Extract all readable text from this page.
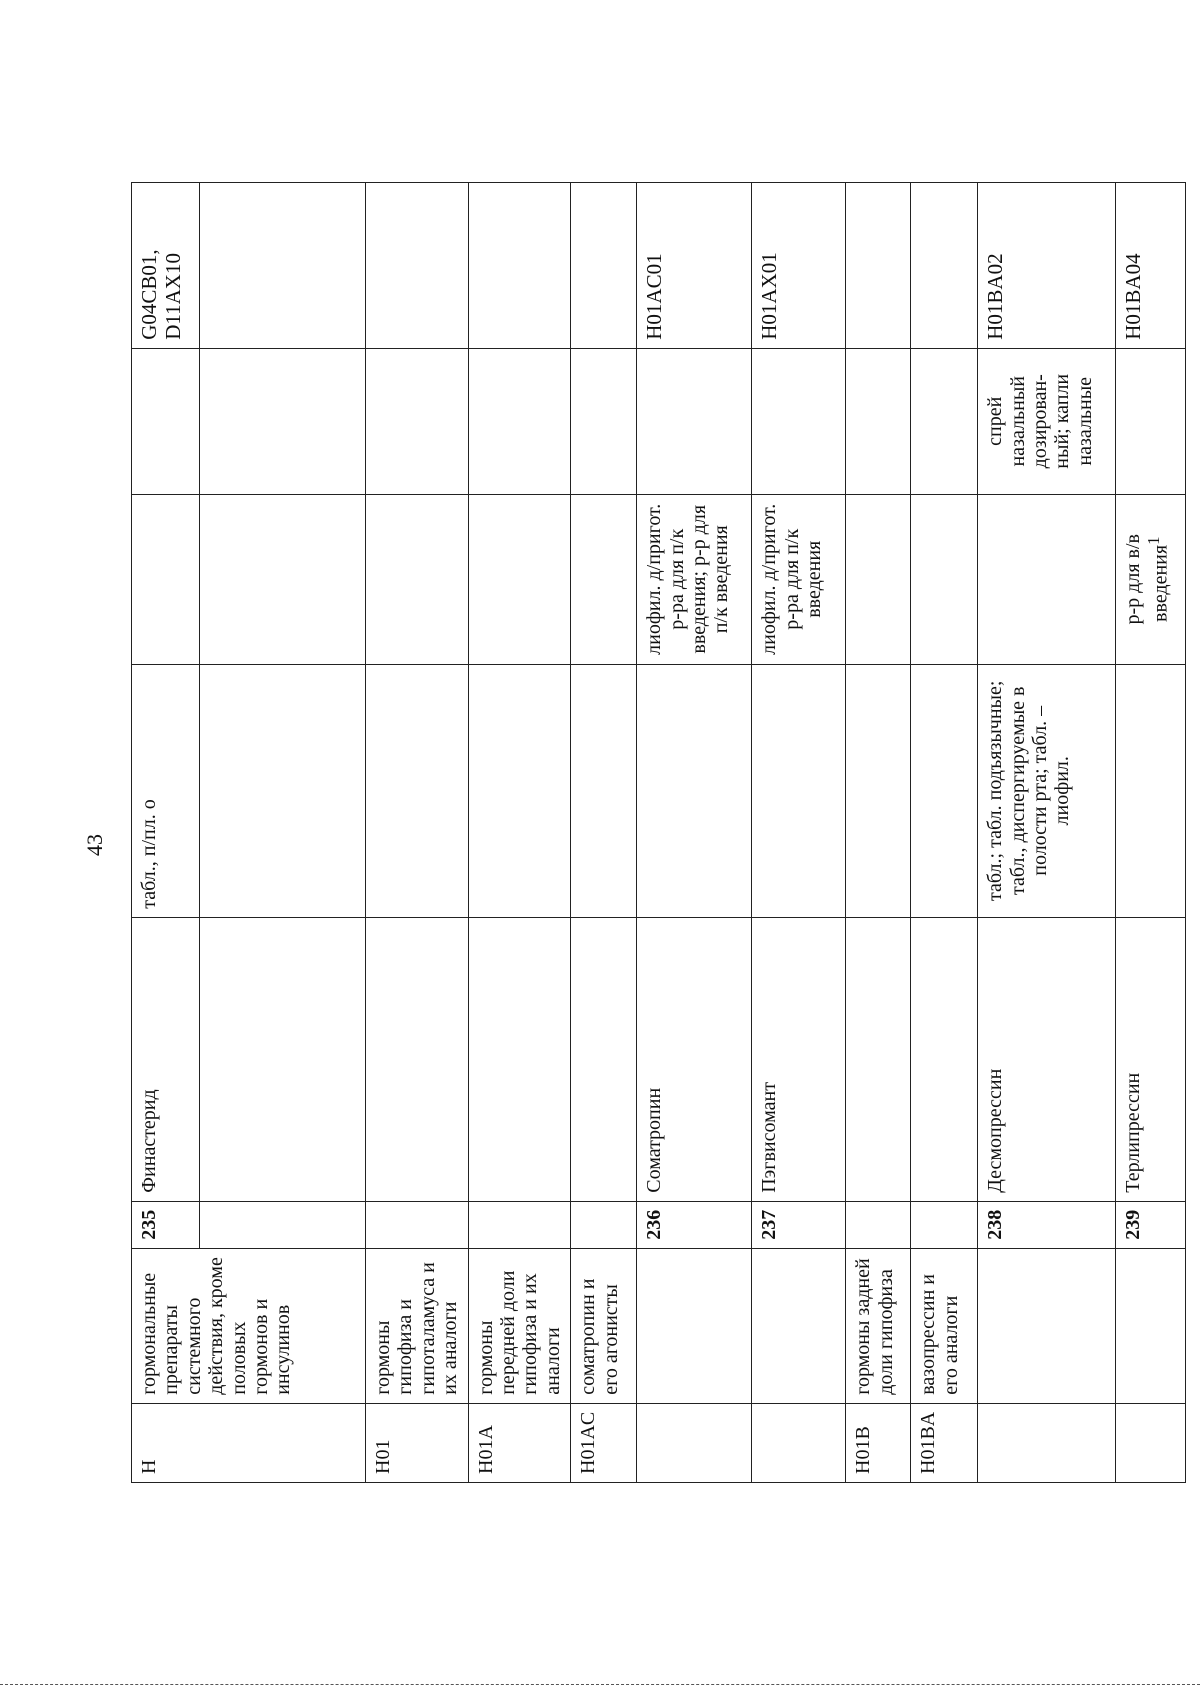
43
H	гормональные препараты системного действия, кроме половых гормонов и инсулинов	235	Финастерид	табл., п/пл. о			G04CB01, D11AX10

H01	гормоны гипофиза и гипоталамуса и их аналоги						
H01A	гормоны передней доли гипофиза и их аналоги						
H01AC	соматропин и его агонисты						
		236	Соматропин		лиофил. д/пригот. р-ра для п/к введения; р-р для п/к введения		H01AC01
		237	Пэгвисомант		лиофил. д/пригот. р-ра для п/к введения		H01AX01
H01B	гормоны задней доли гипофиза						
H01BA	вазопрессин и его аналоги						
		238	Десмопрессин	табл.; табл. подъязычные; табл., диспергируемые в полости рта; табл. – лиофил.		спрей назальный дозирован-ный; капли назальные	H01BA02
		239	Терлипрессин		р-р для в/в введения$^1$		H01BA04
